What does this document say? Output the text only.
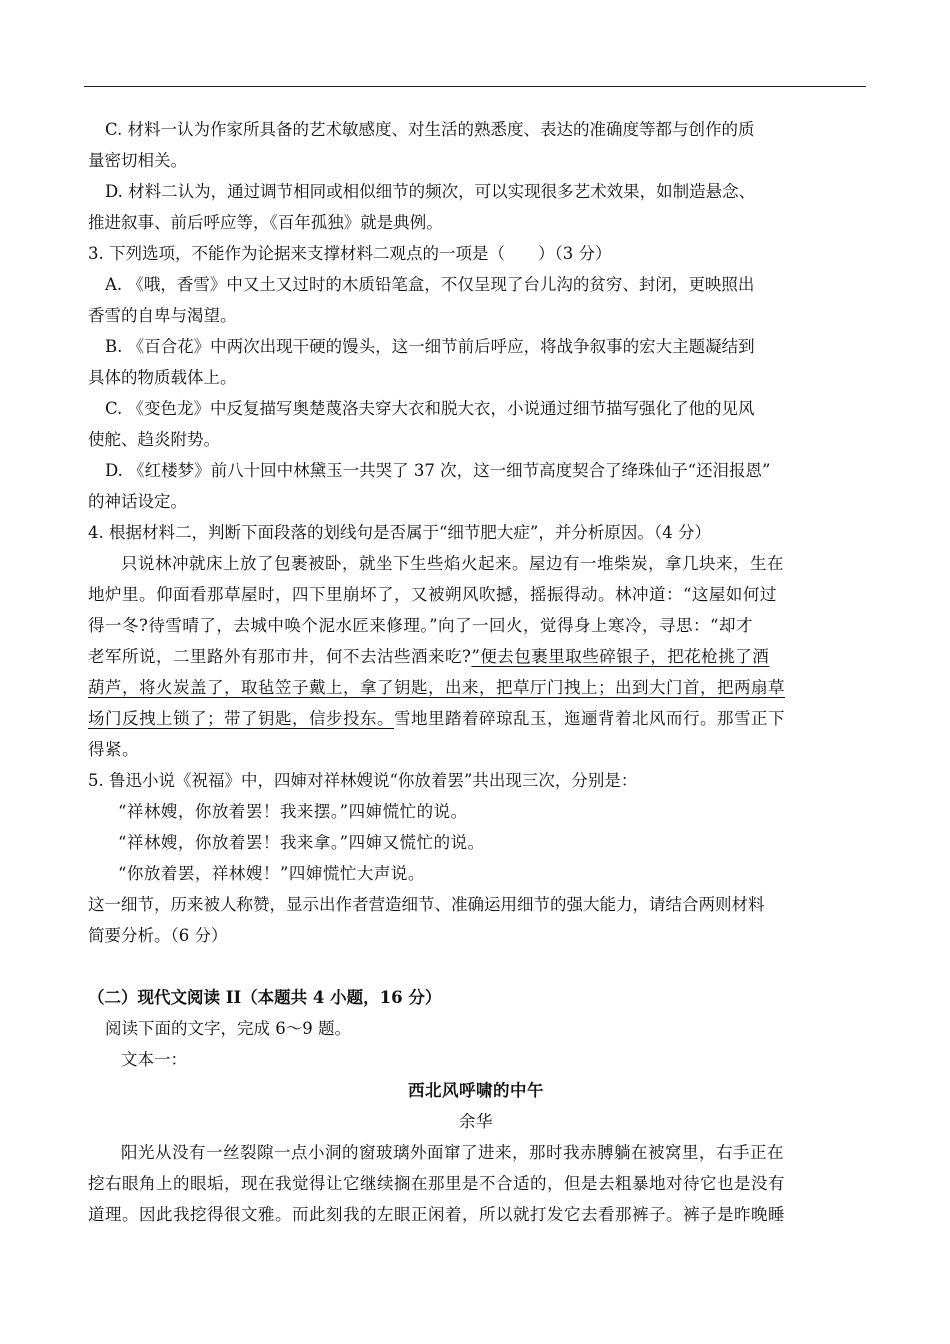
C. 材料一认为作家所具备的艺术敏感度、对生活的熟悉度、表达的准确度等都与创作的质

量密切相关。

D. 材料二认为，通过调节相同或相似细节的频次，可以实现很多艺术效果，如制造悬念、

推进叙事、前后呼应等，《百年孤独》就是典例。

3. 下列选项，不能作为论据来支撑材料二观点的一项是（　　）（3 分）

A. 《哦，香雪》中又土又过时的木质铅笔盒，不仅呈现了台儿沟的贫穷、封闭，更映照出

香雪的自卑与渴望。

B. 《百合花》中两次出现干硬的馒头，这一细节前后呼应，将战争叙事的宏大主题凝结到

具体的物质载体上。

C. 《变色龙》中反复描写奥楚蔑洛夫穿大衣和脱大衣，小说通过细节描写强化了他的见风

使舵、趋炎附势。

D. 《红楼梦》前八十回中林黛玉一共哭了 37 次，这一细节高度契合了绛珠仙子“还泪报恩”

的神话设定。

4. 根据材料二，判断下面段落的划线句是否属于“细节肥大症”，并分析原因。（4 分）

只说林冲就床上放了包裹被卧，就坐下生些焰火起来。屋边有一堆柴炭，拿几块来，生在

地炉里。仰面看那草屋时，四下里崩坏了，又被朔风吹撼，摇振得动。林冲道：“这屋如何过

得一冬?待雪晴了，去城中唤个泥水匠来修理。”向了一回火，觉得身上寒冷，寻思：“却才

老军所说，二里路外有那市井，何不去沽些酒来吃?”便去包裹里取些碎银子，把花枪挑了酒

葫芦，将火炭盖了，取毡笠子戴上，拿了钥匙，出来，把草厅门拽上；出到大门首，把两扇草

场门反拽上锁了；带了钥匙，信步投东。雪地里踏着碎琼乱玉，迤逦背着北风而行。那雪正下

得紧。

5. 鲁迅小说《祝福》中，四婶对祥林嫂说“你放着罢”共出现三次，分别是：

“祥林嫂，你放着罢！我来摆。”四婶慌忙的说。

“祥林嫂，你放着罢！我来拿。”四婶又慌忙的说。

“你放着罢，祥林嫂！”四婶慌忙大声说。

这一细节，历来被人称赞，显示出作者营造细节、准确运用细节的强大能力，请结合两则材料

简要分析。（6 分）

（二）现代文阅读 II（本题共 4 小题，16 分）

阅读下面的文字，完成 6～9 题。

文本一：

西北风呼啸的中午

余华

阳光从没有一丝裂隙一点小洞的窗玻璃外面窜了进来，那时我赤膊躺在被窝里，右手正在

挖右眼角上的眼垢，现在我觉得让它继续搁在那里是不合适的，但是去粗暴地对待它也是没有

道理。因此我挖得很文雅。而此刻我的左眼正闲着，所以就打发它去看那裤子。裤子是昨晚睡
